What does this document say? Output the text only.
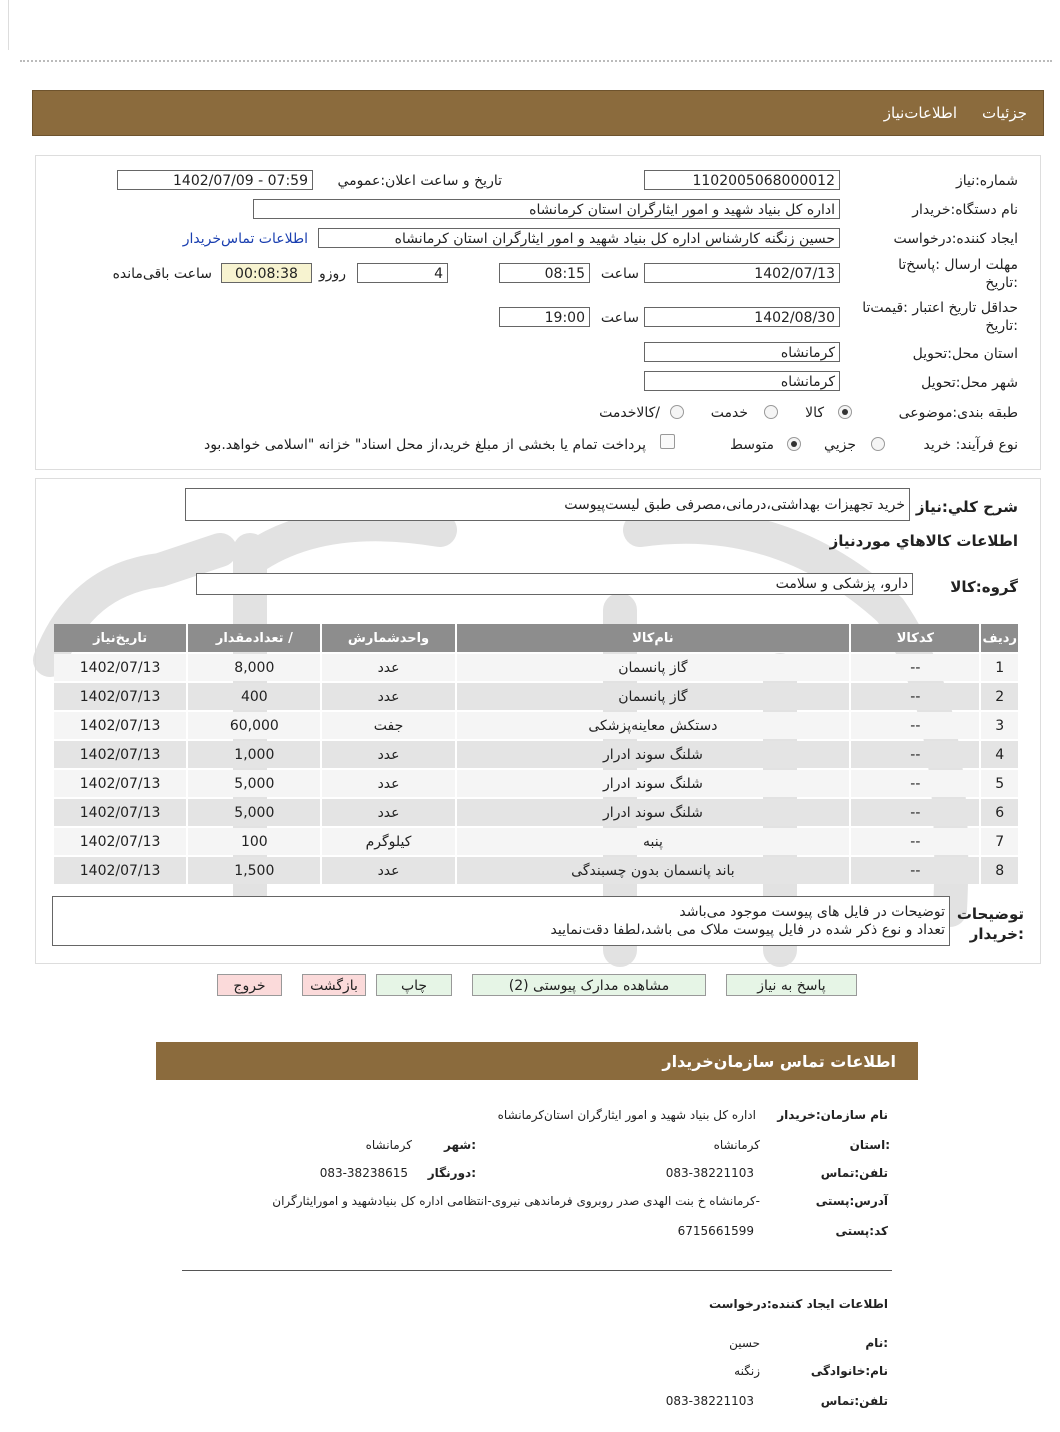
جزئيات
اطلاعات‌نياز
شماره:نیاز
1102005068000012
تاریخ و ساعت اعلان:عمومي
1402/07/09 - 07:59
نام دستگاه:خریدار
اداره کل بنیاد شهید و امور ایثارگران استان کرمانشاه
ایجاد کننده:درخواست
حسین زنگنه کارشناس اداره کل بنیاد شهید و امور ایثارگران استان کرمانشاه
اطلاعات تماس‌خریدار
مهلت ارسال :پاسخ‌تا
:تاریخ
1402/07/13
ساعت
08:15
4
روزو
00:08:38
ساعت باقی‌مانده
حداقل تاریخ اعتبار :قیمت‌تا
:تاریخ
1402/08/30
ساعت
19:00
استان محل:تحویل
کرمانشاه
شهر محل:تحویل
کرمانشاه
طبقه بندی:موضوعی
کالا
خدمت
/کالاخدمت
نوع فرآیند: خرید
جزيي
متوسط
پرداخت تمام یا بخشی از مبلغ خرید،از محل اسناد" خزانه "اسلامی خواهد.بود
شرح کلي:نياز
خرید تجهیزات بهداشتی،درمانی،مصرفی طبق لیست‌پیوست
اطلاعات کالاهاي موردنياز
گروه:کالا
دارو، پزشکی و سلامت
رديف	کدکالا	نام‌کالا	واحدشمارش	/ تعدادمقدار	تاريخ‌نياز
1	--	گاز پانسمان	عدد	8,000	1402/07/13
2	--	گاز پانسمان	عدد	400	1402/07/13
3	--	دستکش معاینه‌پزشکی	جفت	60,000	1402/07/13
4	--	شلنگ سوند ادرار	عدد	1,000	1402/07/13
5	--	شلنگ سوند ادرار	عدد	5,000	1402/07/13
6	--	شلنگ سوند ادرار	عدد	5,000	1402/07/13
7	--	پنبه	کیلوگرم	100	1402/07/13
8	--	باند پانسمان بدون چسبندگی	عدد	1,500	1402/07/13
توضيحات
:خريدار
توضیحات در فایل های پیوست موجود می‌باشد
تعداد و نوع ذکر شده در فایل پیوست ملاک می باشد،لطفا دقت‌نمایید
پاسخ به نیاز
مشاهده مدارک پیوستی (2)
چاپ
بازگشت
خروج
اطلاعات تماس سازمان‌خریدار
نام سازمان:خریدار
اداره کل بنیاد شهید و امور ایثارگران استان‌کرمانشاه
:استان
کرمانشاه
:شهر
کرمانشاه
تلفن:تماس
083-38221103
:دورنگار
083-38238615
آدرس:پستی
-کرمانشاه خ بنت الهدی صدر روبروی فرماندهی نیروی-انتظامی اداره کل بنیادشهید و امورایثارگران
کد:پستی
6715661599
اطلاعات ایجاد کننده:درخواست
:نام
حسین
نام:خانوادگی
زنگنه
تلفن:تماس
083-38221103
